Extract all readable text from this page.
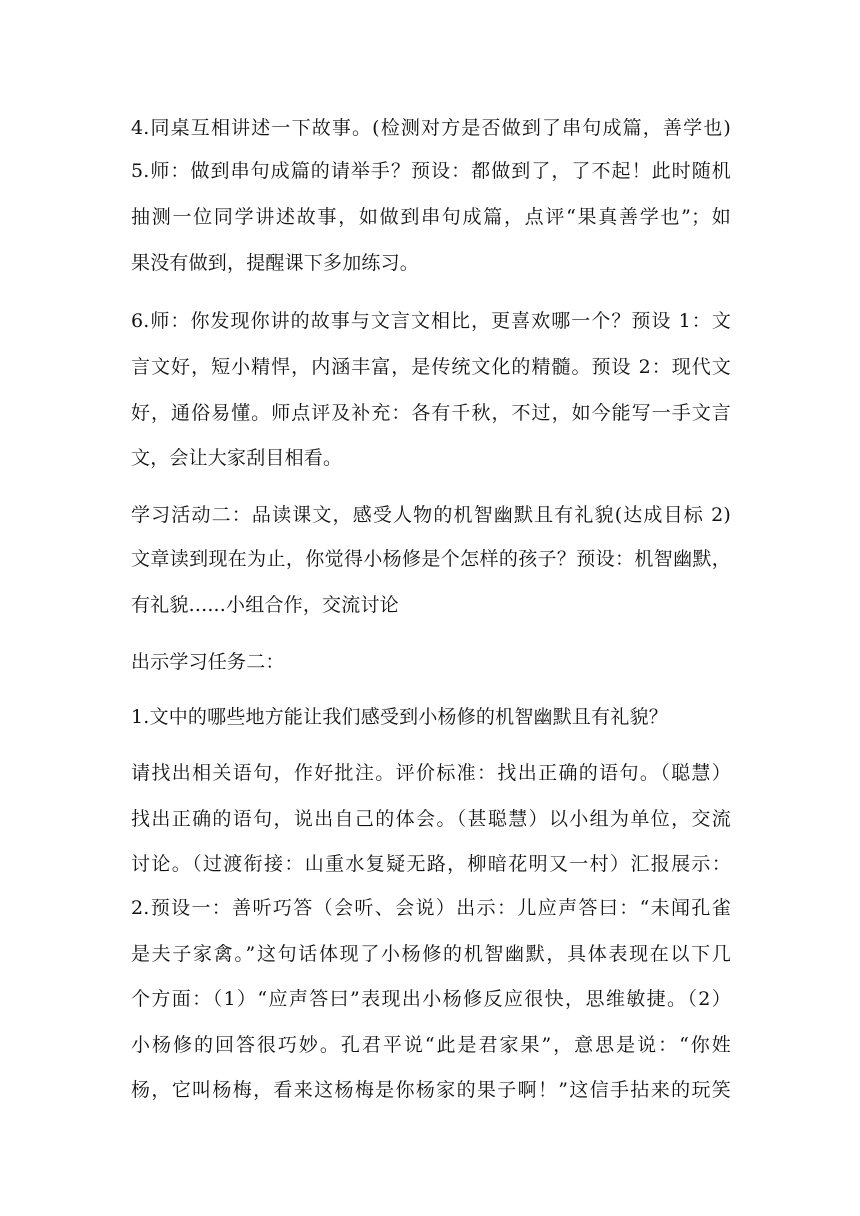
4.同桌互相讲述一下故事。(检测对方是否做到了串句成篇，善学也)
5.师：做到串句成篇的请举手？预设：都做到了，了不起！此时随机
抽测一位同学讲述故事，如做到串句成篇，点评“果真善学也”；如
果没有做到，提醒课下多加练习。
6.师：你发现你讲的故事与文言文相比，更喜欢哪一个？预设 1：文
言文好，短小精悍，内涵丰富，是传统文化的精髓。预设 2：现代文
好，通俗易懂。师点评及补充：各有千秋，不过，如今能写一手文言
文，会让大家刮目相看。
学习活动二：品读课文，感受人物的机智幽默且有礼貌(达成目标 2)
文章读到现在为止，你觉得小杨修是个怎样的孩子？预设：机智幽默，
有礼貌......小组合作，交流讨论
出示学习任务二：
1.文中的哪些地方能让我们感受到小杨修的机智幽默且有礼貌？
请找出相关语句，作好批注。评价标准：找出正确的语句。（聪慧）
找出正确的语句，说出自己的体会。（甚聪慧）以小组为单位，交流
讨论。（过渡衔接：山重水复疑无路，柳暗花明又一村）汇报展示：
2.预设一：善听巧答（会听、会说）出示：儿应声答曰：“未闻孔雀
是夫子家禽。”这句话体现了小杨修的机智幽默，具体表现在以下几
个方面：（1）“应声答曰”表现出小杨修反应很快，思维敏捷。（2）
小杨修的回答很巧妙。孔君平说“此是君家果”，意思是说：“你姓
杨，它叫杨梅，看来这杨梅是你杨家的果子啊！”这信手拈来的玩笑
